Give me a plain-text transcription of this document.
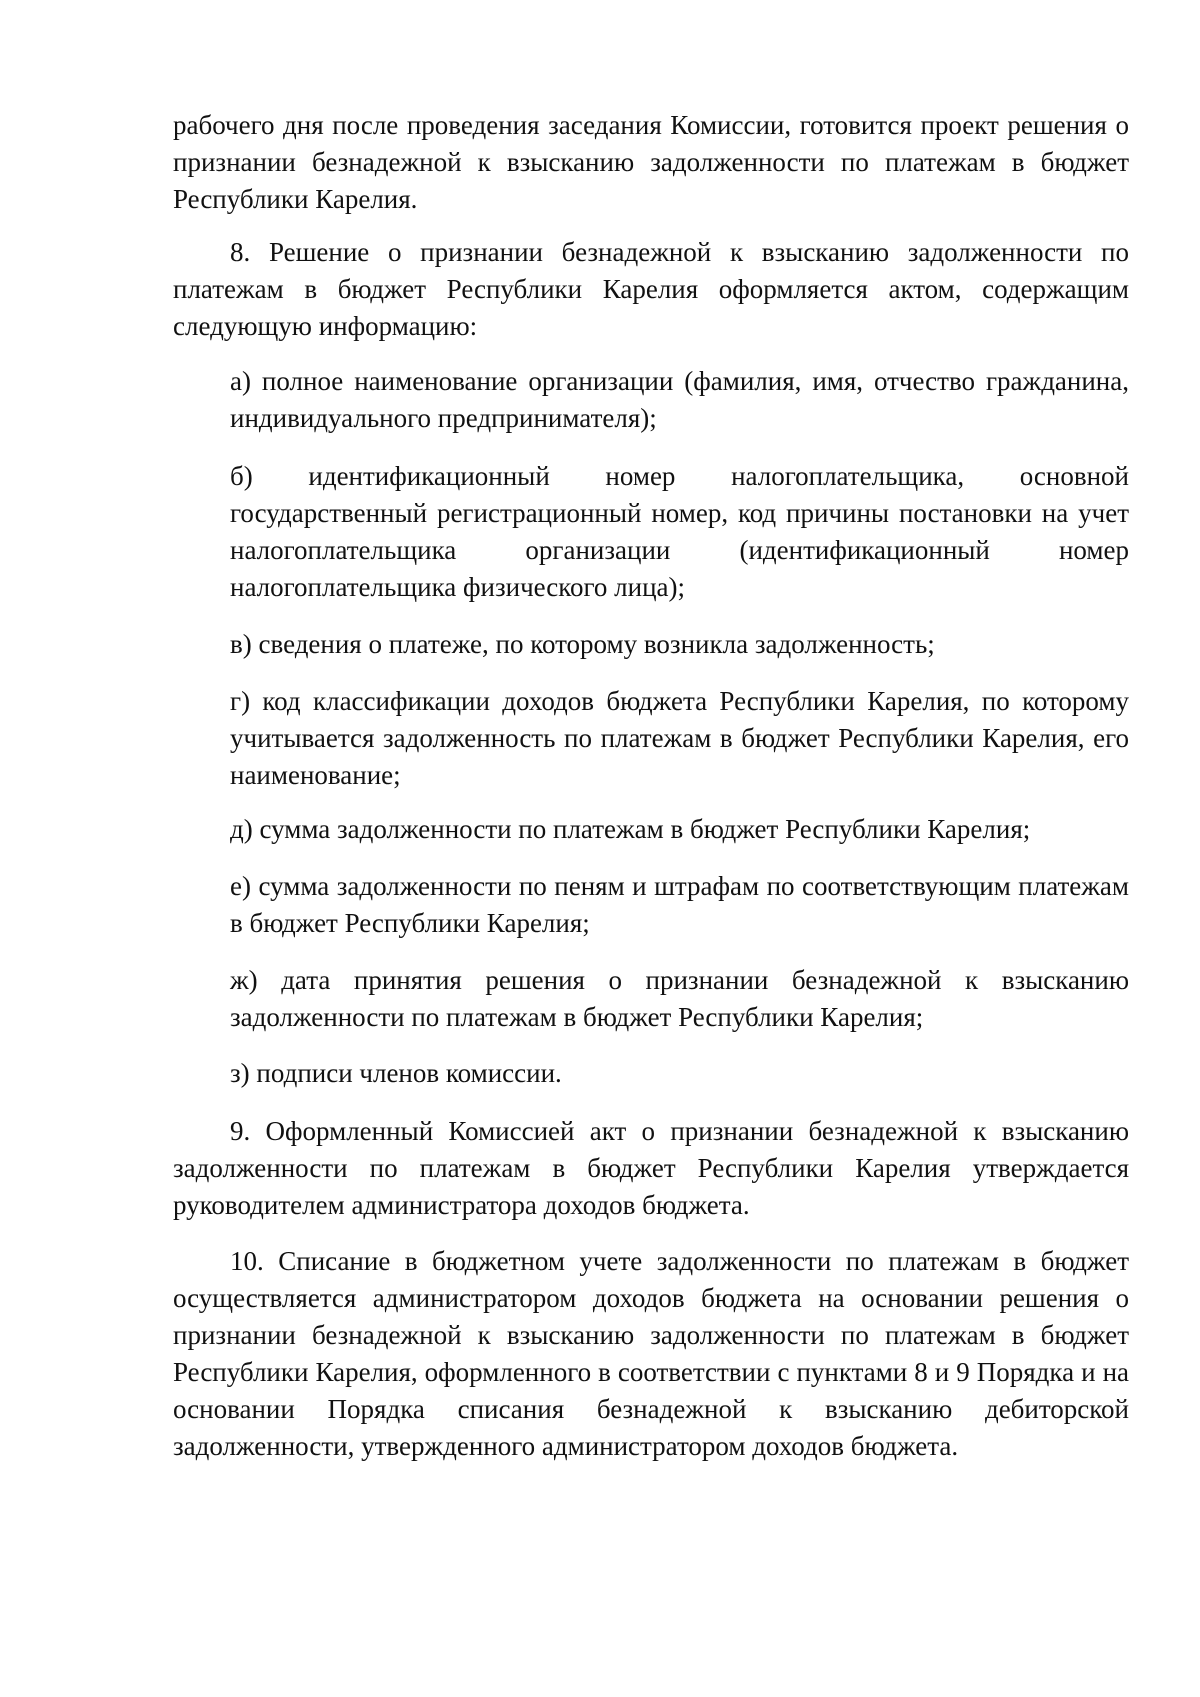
рабочего дня после проведения заседания Комиссии, готовится проект решения о признании безнадежной к взысканию задолженности по платежам в бюджет Республики Карелия.

8. Решение о признании безнадежной к взысканию задолженности по платежам в бюджет Республики Карелия оформляется актом, содержащим следующую информацию:

а) полное наименование организации (фамилия, имя, отчество гражданина, индивидуального предпринимателя);

б) идентификационный номер налогоплательщика, основной государственный регистрационный номер, код причины постановки на учет налогоплательщика организации (идентификационный номер налогоплательщика физического лица);

в) сведения о платеже, по которому возникла задолженность;

г) код классификации доходов бюджета Республики Карелия, по которому учитывается задолженность по платежам в бюджет Республики Карелия, его наименование;

д) сумма задолженности по платежам в бюджет Республики Карелия;

е) сумма задолженности по пеням и штрафам по соответствующим платежам в бюджет Республики Карелия;

ж) дата принятия решения о признании безнадежной к взысканию задолженности по платежам в бюджет Республики Карелия;

з) подписи членов комиссии.

9. Оформленный Комиссией акт о признании безнадежной к взысканию задолженности по платежам в бюджет Республики Карелия утверждается руководителем администратора доходов бюджета.

10. Списание в бюджетном учете задолженности по платежам в бюджет осуществляется администратором доходов бюджета на основании решения о признании безнадежной к взысканию задолженности по платежам в бюджет Республики Карелия, оформленного в соответствии с пунктами 8 и 9 Порядка и на основании Порядка списания безнадежной к взысканию дебиторской задолженности, утвержденного администратором доходов бюджета.
